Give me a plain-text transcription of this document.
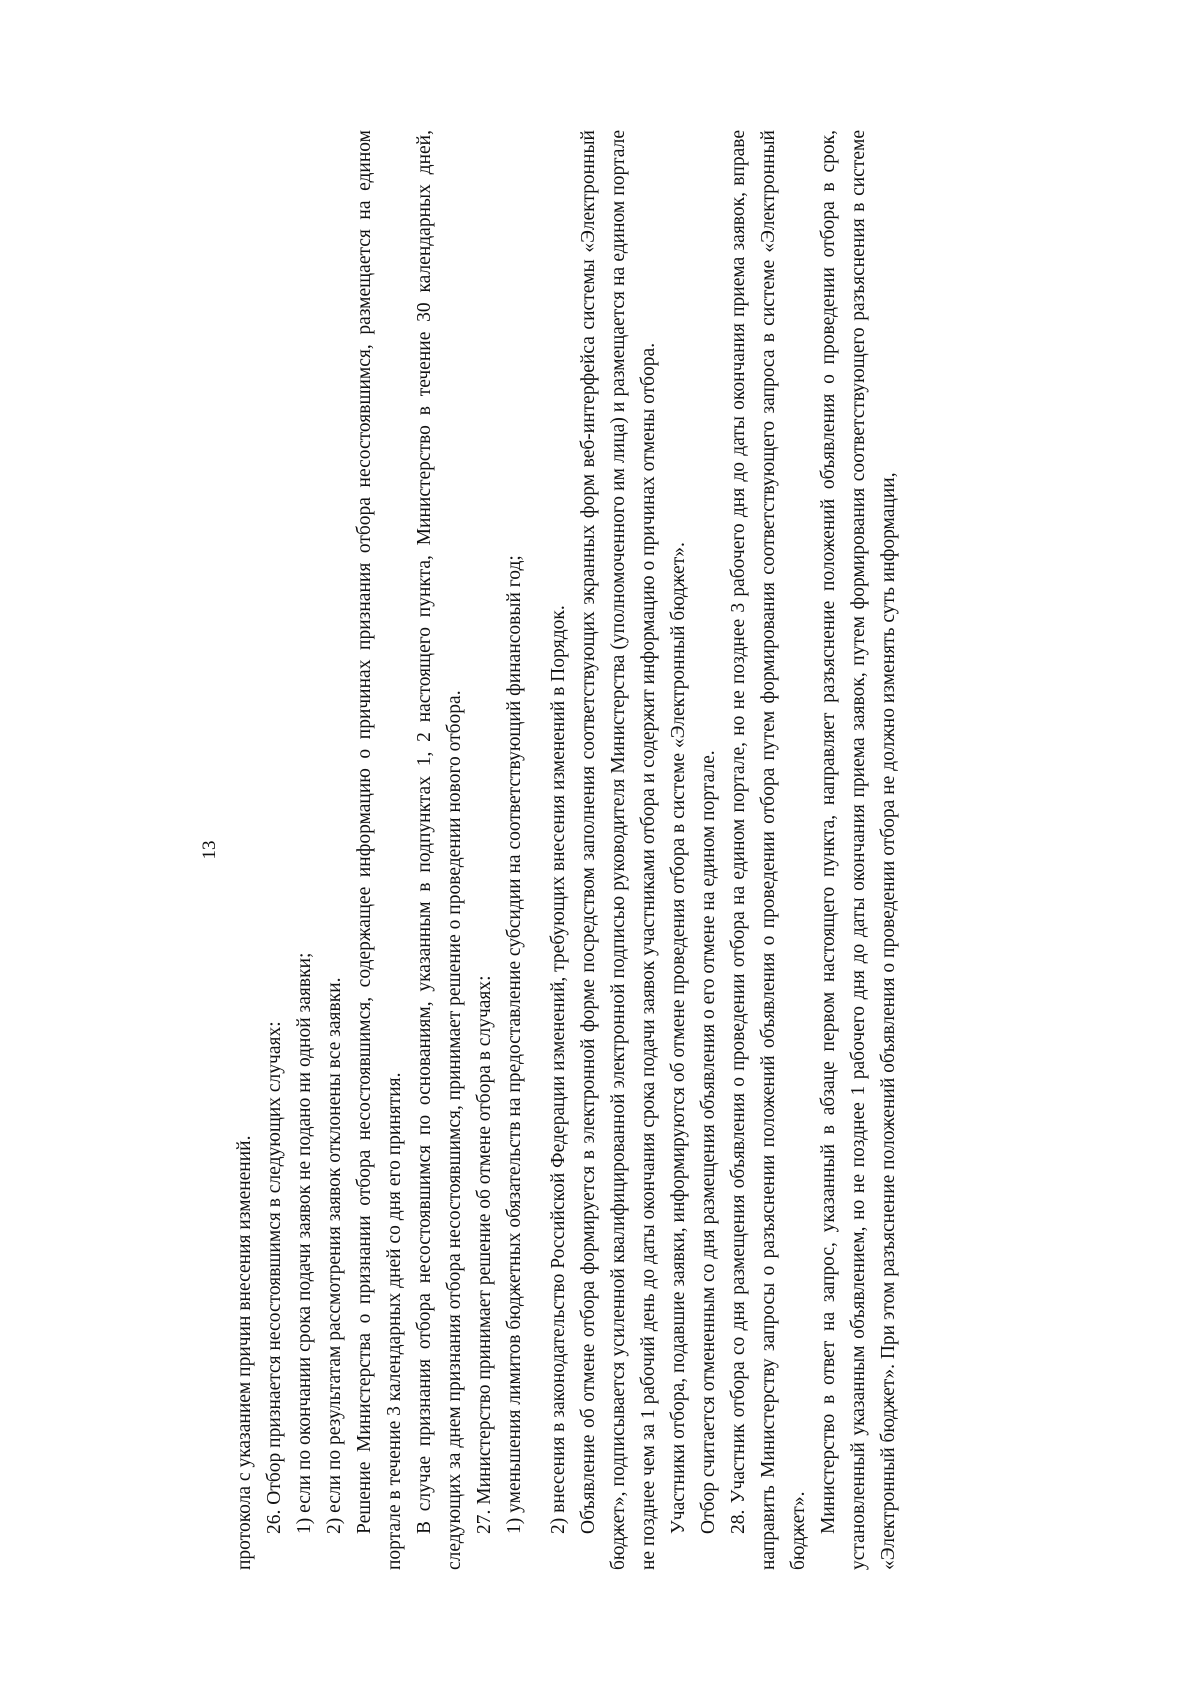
13

протокола с указанием причин внесения изменений. 26. Отбор признается несостоявшимся в следующих случаях: 1) если по окончании срока подачи заявок не подано ни одной заявки; 2) если по результатам рассмотрения заявок отклонены все заявки. Решение Министерства о признании отбора несостоявшимся, содержащее информацию о причинах признания отбора несостоявшимся, размещается на едином портале в течение 3 календарных дней со дня его принятия. В случае признания отбора несостоявшимся по основаниям, указанным в подпунктах 1, 2 настоящего пункта, Министерство в течение 30 календарных дней, следующих за днем признания отбора несостоявшимся, принимает решение о проведении нового отбора. 27. Министерство принимает решение об отмене отбора в случаях: 1) уменьшения лимитов бюджетных обязательств на предоставление субсидии на соответствующий финансовый год; 2) внесения в законодательство Российской Федерации изменений, требующих внесения изменений в Порядок. Объявление об отмене отбора формируется в электронной форме посредством заполнения соответствующих экранных форм веб-интерфейса системы «Электронный бюджет», подписывается усиленной квалифицированной электронной подписью руководителя Министерства (уполномоченного им лица) и размещается на едином портале не позднее чем за 1 рабочий день до даты окончания срока подачи заявок участниками отбора и содержит информацию о причинах отмены отбора. Участники отбора, подавшие заявки, информируются об отмене проведения отбора в системе «Электронный бюджет». Отбор считается отмененным со дня размещения объявления о его отмене на едином портале. 28. Участник отбора со дня размещения объявления о проведении отбора на едином портале, но не позднее 3 рабочего дня до даты окончания приема заявок, вправе направить Министерству запросы о разъяснении положений объявления о проведении отбора путем формирования соответствующего запроса в системе «Электронный бюджет». Министерство в ответ на запрос, указанный в абзаце первом настоящего пункта, направляет разъяснение положений объявления о проведении отбора в срок, установленный указанным объявлением, но не позднее 1 рабочего дня до даты окончания приема заявок, путем формирования соответствующего разъяснения в системе «Электронный бюджет». При этом разъяснение положений объявления о проведении отбора не должно изменять суть информации,
